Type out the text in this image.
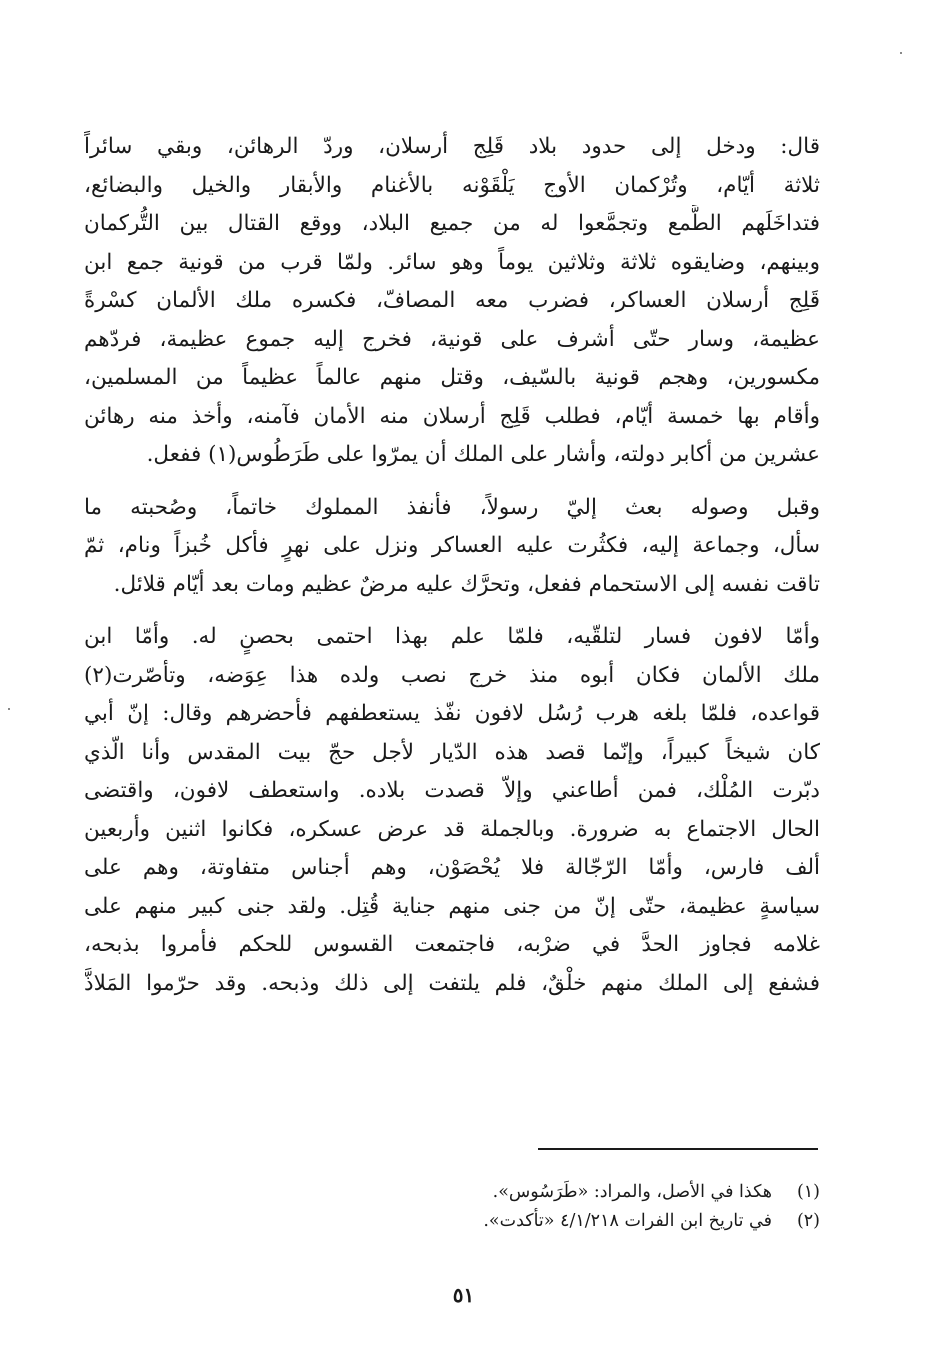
قال: ودخل إلى حدود بلاد قَلِج أرسلان، وردّ الرهائن، وبقي سائراً
ثلاثة أيّام، وتُرْكمان الأوج يَلْقَوْنه بالأغنام والأبقار والخيل والبضائع،
فتداخَلَهم الطَّمع وتجمَّعوا له من جميع البلاد، ووقع القتال بين التُّركمان
وبينهم، وضايقوه ثلاثة وثلاثين يوماً وهو سائر. ولمّا قرب من قونية جمع ابن
قَلِج أرسلان العساكر، فضرب معه المصافّ، فكسره ملك الألمان كسْرةً
عظيمة، وسار حتّى أشرف على قونية، فخرج إليه جموع عظيمة، فردّهم
مكسورين، وهجم قونية بالسّيف، وقتل منهم عالماً عظيماً من المسلمين،
وأقام بها خمسة أيّام، فطلب قَلِج أرسلان منه الأمان فآمنه، وأخذ منه رهائن
عشرين من أكابر دولته، وأشار على الملك أن يمرّوا على طَرَطُوس(١) ففعل.
وقبل وصوله بعث إليّ رسولاً، فأنفذ المملوك خاتماً، وصُحبته ما
سأل، وجماعة إليه، فكثُرت عليه العساكر ونزل على نهرٍ فأكل خُبزاً ونام، ثمّ
تاقت نفسه إلى الاستحمام ففعل، وتحرَّك عليه مرضٌ عظيم ومات بعد أيّام قلائل.
وأمّا لافون فسار لتلقّيه، فلمّا علم بهذا احتمى بحصنٍ له. وأمّا ابن
ملك الألمان فكان أبوه منذ خرج نصب ولده هذا عِوَضه، وتأصّرت(٢)
قواعده، فلمّا بلغه هرب رُسُل لافون نفّذ يستعطفهم فأحضرهم وقال: إنّ أبي
كان شيخاً كبيراً، وإنّما قصد هذه الدّيار لأجل حجّ بيت المقدس وأنا الّذي
دبّرت المُلْك، فمن أطاعني وإلاّ قصدت بلاده. واستعطف لافون، واقتضى
الحال الاجتماع به ضرورة. وبالجملة قد عرض عسكره، فكانوا اثنين وأربعين
ألف فارس، وأمّا الرّجّالة فلا يُحْصَوْن، وهم أجناس متفاوتة، وهم على
سياسةٍ عظيمة، حتّى إنّ من جنى منهم جناية قُتِل. ولقد جنى كبير منهم على
غلامه فجاوز الحدَّ في ضرْبه، فاجتمعت القسوس للحكم فأمروا بذبحه،
فشفع إلى الملك منهم خلْقٌ، فلم يلتفت إلى ذلك وذبحه. وقد حرّموا المَلاذَّ
(١)هكذا في الأصل، والمراد: «طَرَسُوس».
(٢)في تاريخ ابن الفرات ٤/١/٢١٨ «تأكدت».
٥١
